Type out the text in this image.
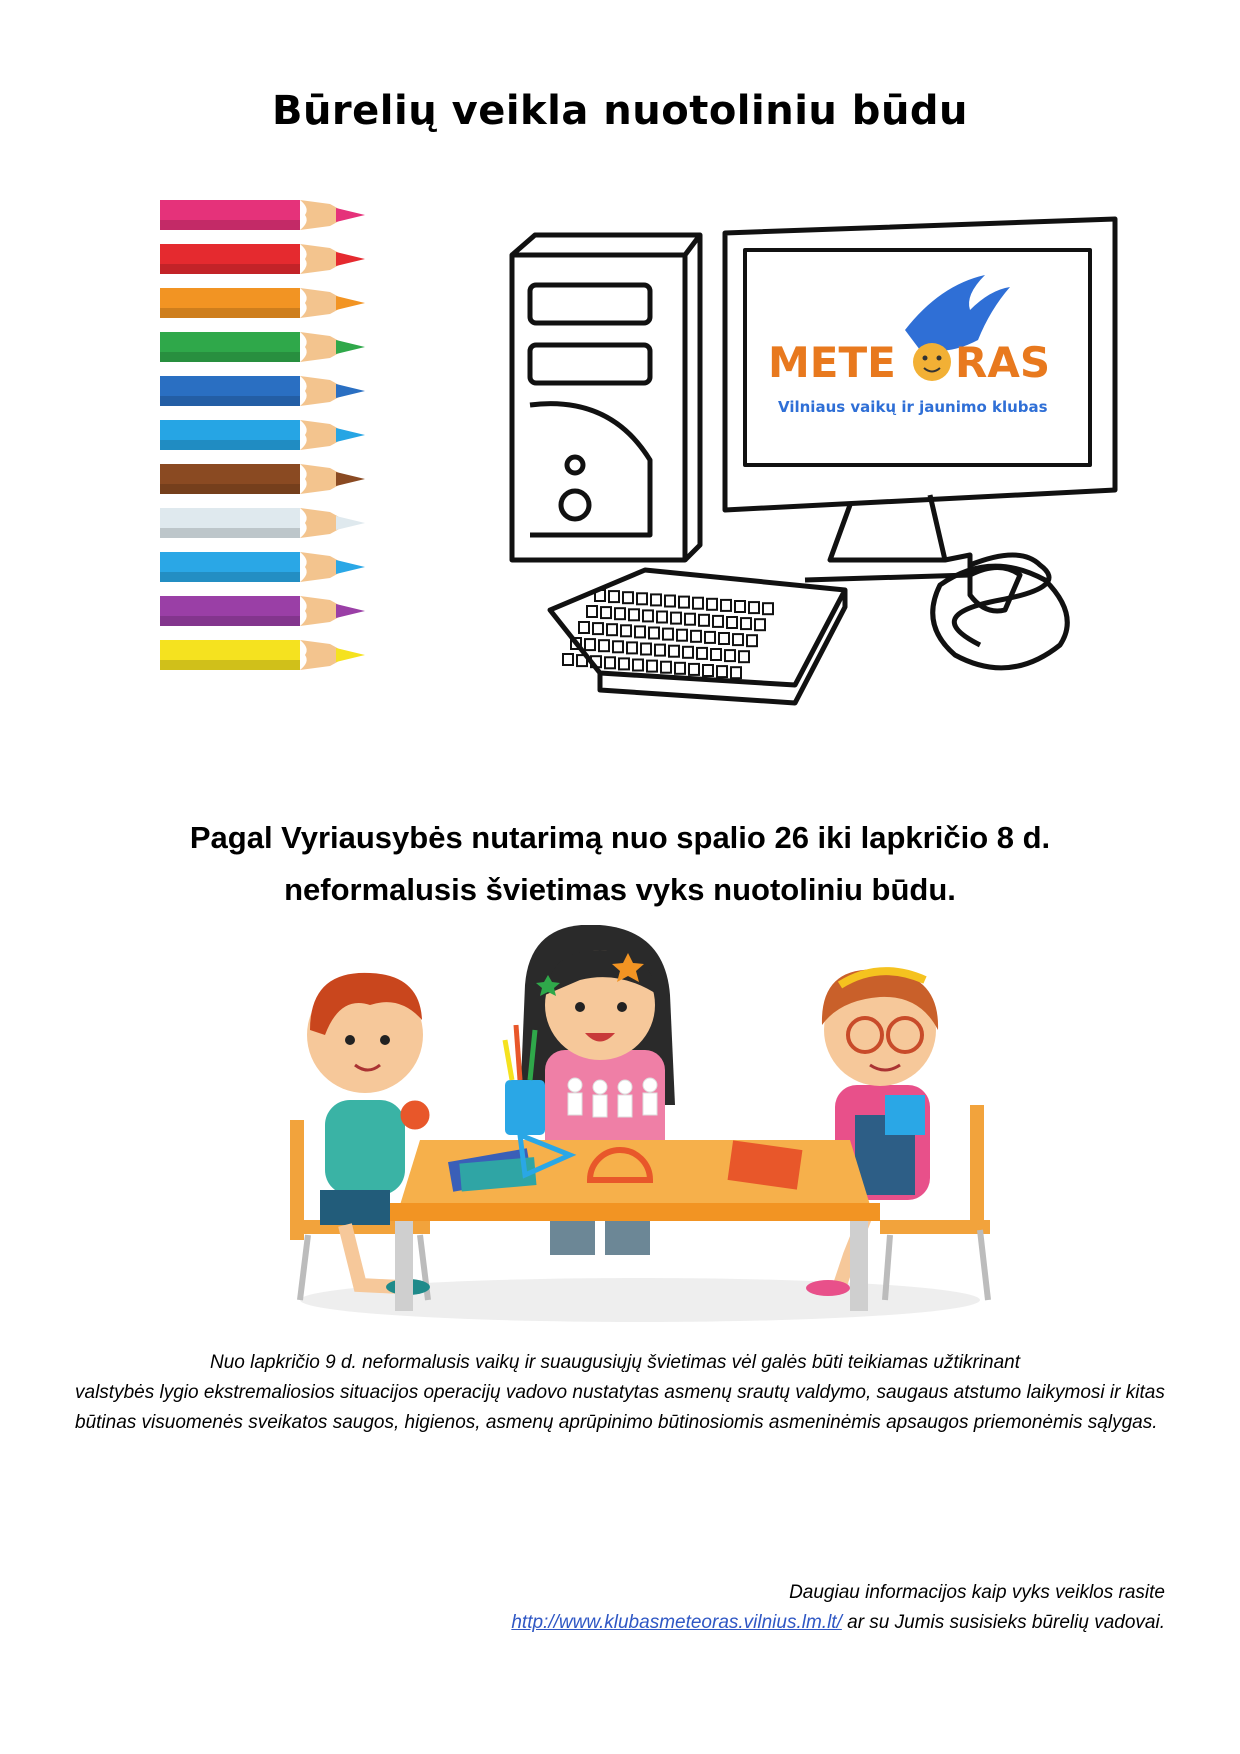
Būrelių veikla nuotoliniu būdu
METE RAS
Vilniaus vaikų ir jaunimo klubas
Pagal Vyriausybės nutarimą nuo spalio 26 iki lapkričio 8 d.
neformalusis švietimas vyks nuotoliniu būdu.
Nuo lapkričio 9 d. neformalusis vaikų ir suaugusiųjų švietimas vėl galės būti teikiamas užtikrinant
valstybės lygio ekstremaliosios situacijos operacijų vadovo nustatytas asmenų srautų valdymo, saugaus atstumo laikymosi ir kitas būtinas visuomenės sveikatos saugos, higienos, asmenų aprūpinimo būtinosiomis asmeninėmis apsaugos priemonėmis sąlygas.
Daugiau informacijos kaip vyks veiklos rasite
http://www.klubasmeteoras.vilnius.lm.lt/ ar su Jumis susisieks būrelių vadovai.
